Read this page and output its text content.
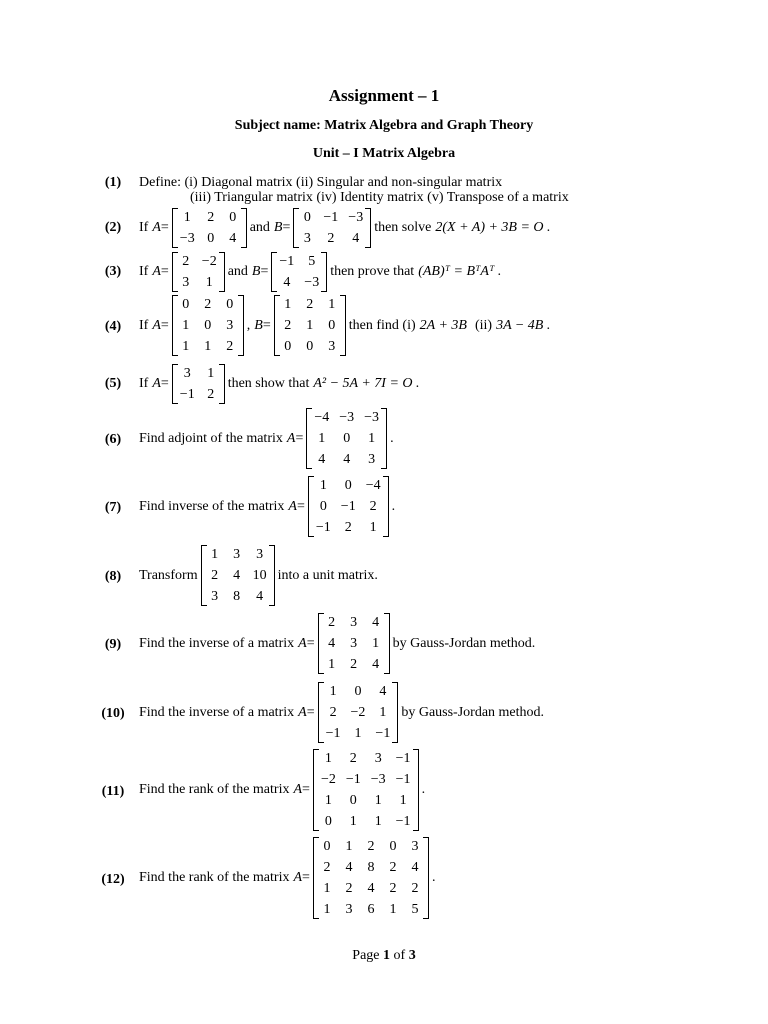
Assignment – 1
Subject name: Matrix Algebra and Graph Theory
Unit – I Matrix Algebra
(1)	Define: (i) Diagonal matrix (ii) Singular and non-singular matrix
(iii) Triangular matrix (iv) Identity matrix (v) Transpose of a matrix
(2)	If A =
1 2 0
−3 0 4
and B =
0 −1 −3
3 2 4
then solve 2(X + A) + 3B = O .
(3)	If A =
2 −2
3 1
and B =
−1 5
4 −3
then prove that (AB)ᵀ = BᵀAᵀ .
(4)	If A =
0 2 0
1 0 3
1 1 2
, B =
1 2 1
2 1 0
0 0 3
then find (i) 2A + 3B (ii) 3A − 4B .
(5)	If A =
3 1
−1 2
then show that A² − 5A + 7I = O .
(6)	Find adjoint of the matrix A =
−4 −3 −3
1 0 1
4 4 3
.
(7)	Find inverse of the matrix A =
1 0 −4
0 −1 2
−1 2 1
.
(8)	Transform
1 3 3
2 4 10
3 8 4
into a unit matrix.
(9)	Find the inverse of a matrix A =
2 3 4
4 3 1
1 2 4
by Gauss-Jordan method.
(10) Find the inverse of a matrix A =
1 0 4
2 −2 1
−1 1 −1
by Gauss-Jordan method.
(11) Find the rank of the matrix A =
1 2 3 −1
−2 −1 −3 −1
1 0 1 1
0 1 1 −1
.
(12) Find the rank of the matrix A =
0 1 2 0 3
2 4 8 2 4
1 2 4 2 2
1 3 6 1 5
.
Page 1 of 3
